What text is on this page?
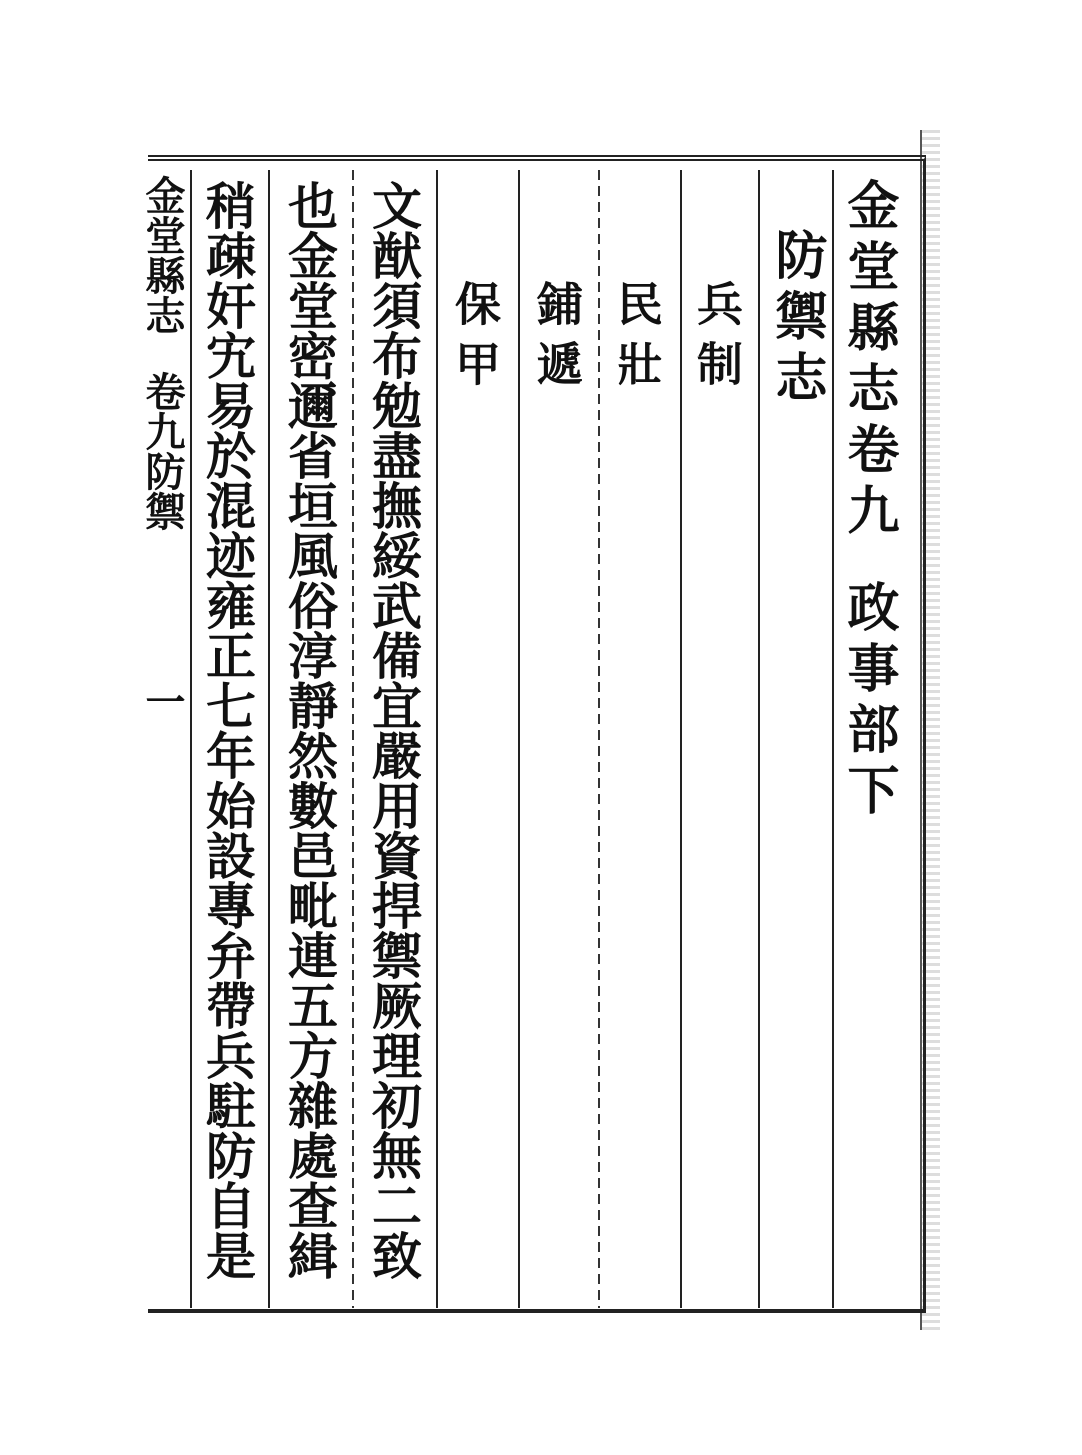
金堂縣志卷九政事部下
防禦志
兵制
民壯
鋪遞
保甲
文猷須布勉盡撫綏武備宜嚴用資捍禦厥理初無二致
也金堂密邇省垣風俗淳靜然數邑毗連五方雜處查緝
稍疎奸宄易於混迹雍正七年始設專弁帶兵駐防自是
金堂縣志卷九防禦一
